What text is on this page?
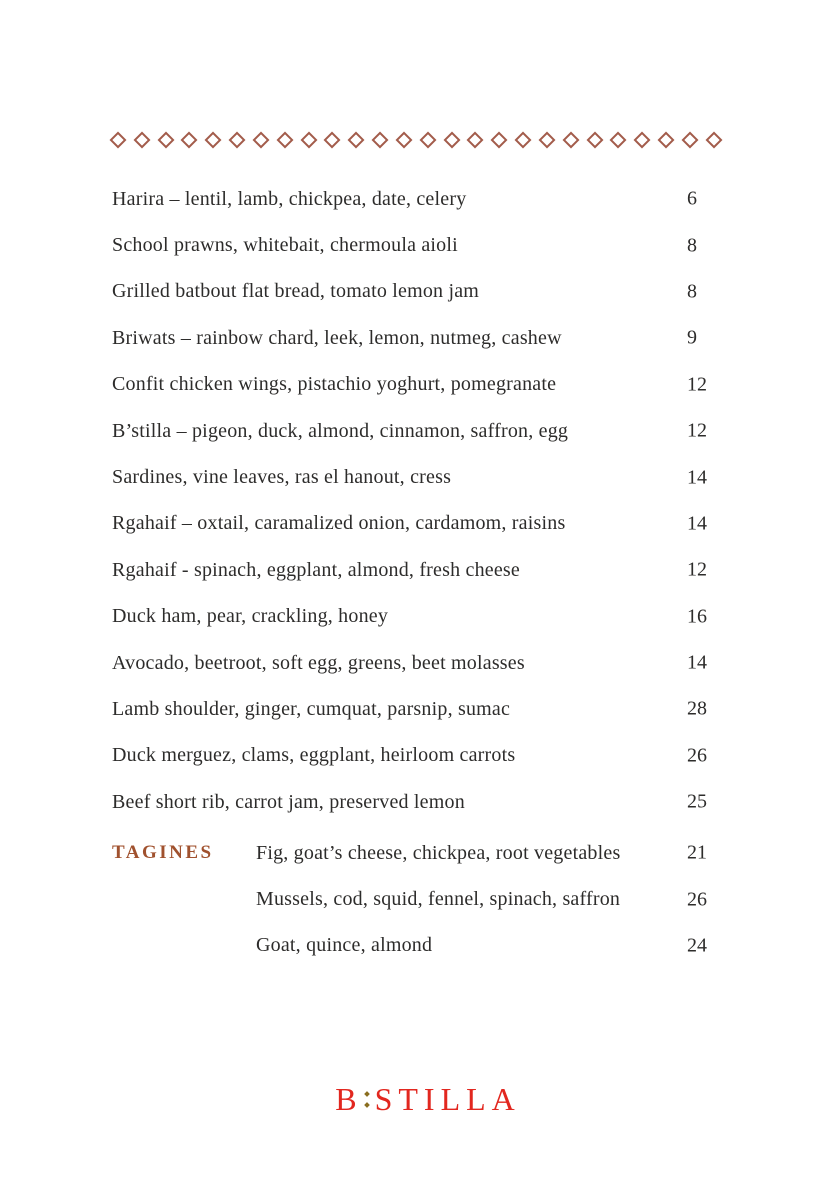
Harira – lentil, lamb, chickpea, date, celery	6
School prawns, whitebait, chermoula aioli	8
Grilled batbout flat bread, tomato lemon jam	8
Briwats – rainbow chard, leek, lemon, nutmeg, cashew	9
Confit chicken wings, pistachio yoghurt, pomegranate	12
B’stilla – pigeon, duck, almond, cinnamon, saffron, egg	12
Sardines, vine leaves, ras el hanout, cress	14
Rgahaif – oxtail, caramalized onion, cardamom, raisins	14
Rgahaif - spinach, eggplant, almond, fresh cheese	12
Duck ham, pear, crackling, honey	16
Avocado, beetroot, soft egg, greens, beet molasses	14
Lamb shoulder, ginger, cumquat, parsnip, sumac	28
Duck merguez, clams, eggplant, heirloom carrots	26
Beef short rib, carrot jam, preserved lemon	25
TAGINES Fig, goat’s cheese, chickpea, root vegetables	21
Mussels, cod, squid, fennel, spinach, saffron	26
Goat, quince, almond	24
B STILLA
